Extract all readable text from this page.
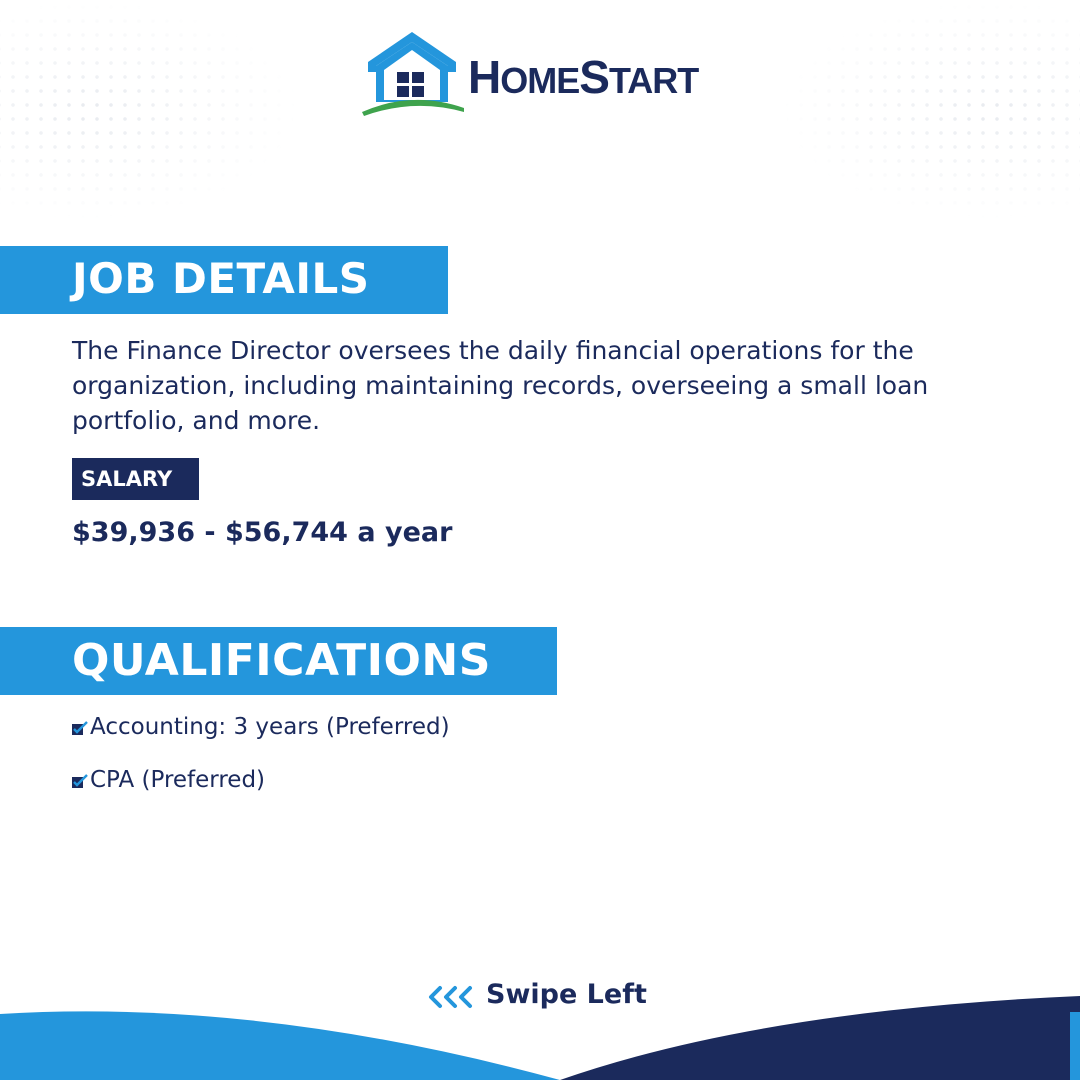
HOMESTART
JOB DETAILS
The Finance Director oversees the daily financial operations for the organization, including maintaining records, overseeing a small loan portfolio, and more.
SALARY
$39,936 - $56,744 a year
QUALIFICATIONS
Accounting: 3 years (Preferred)
CPA (Preferred)
Swipe Left
